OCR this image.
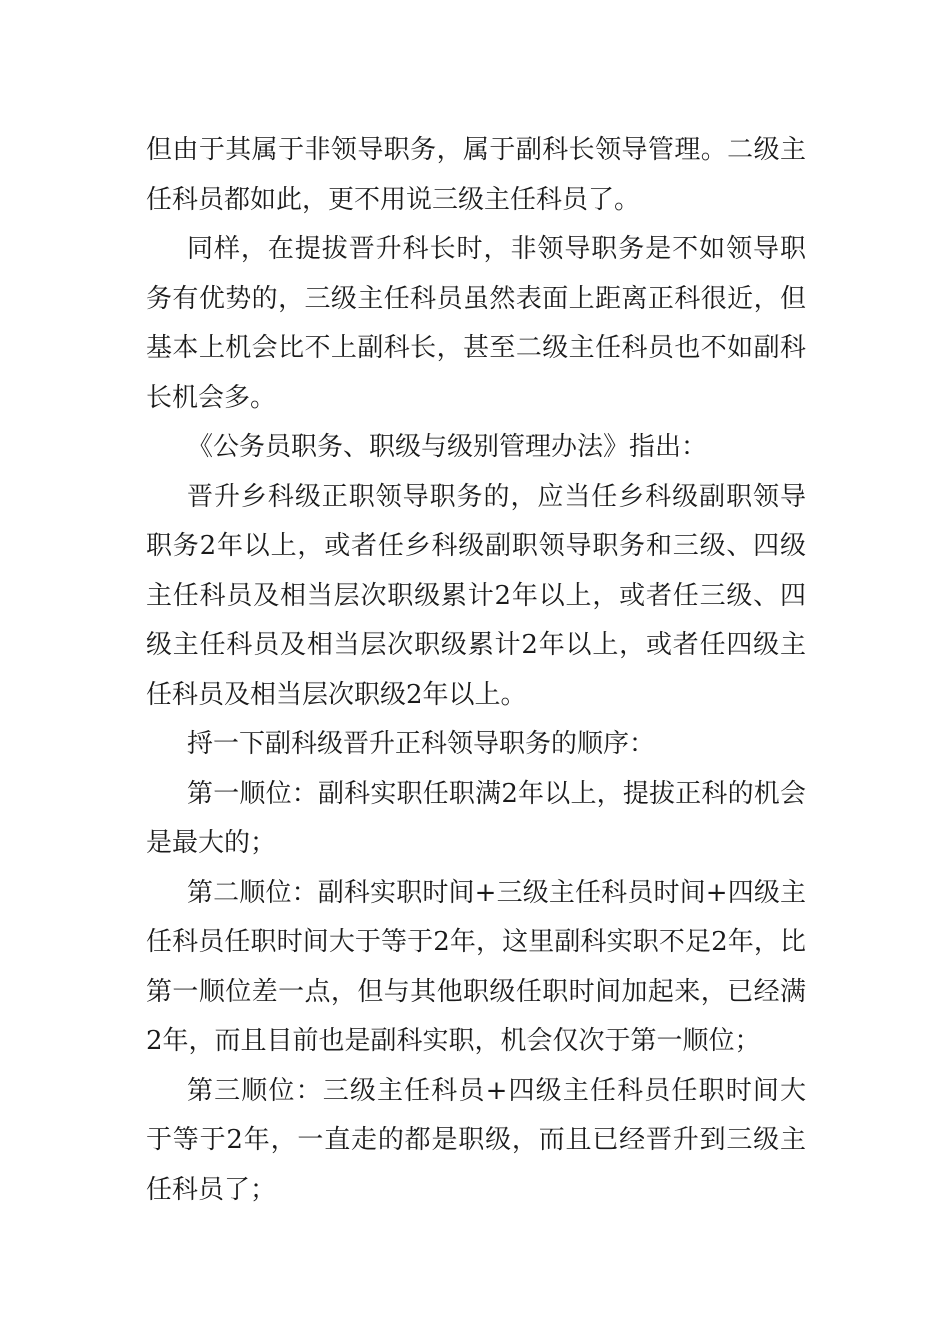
但由于其属于非领导职务，属于副科长领导管理。二级主任科员都如此，更不用说三级主任科员了。

同样，在提拔晋升科长时，非领导职务是不如领导职务有优势的，三级主任科员虽然表面上距离正科很近，但基本上机会比不上副科长，甚至二级主任科员也不如副科长机会多。

《公务员职务、职级与级别管理办法》指出：

晋升乡科级正职领导职务的，应当任乡科级副职领导职务2年以上，或者任乡科级副职领导职务和三级、四级主任科员及相当层次职级累计2年以上，或者任三级、四级主任科员及相当层次职级累计2年以上，或者任四级主任科员及相当层次职级2年以上。

捋一下副科级晋升正科领导职务的顺序：

第一顺位：副科实职任职满2年以上，提拔正科的机会是最大的；

第二顺位：副科实职时间+三级主任科员时间+四级主任科员任职时间大于等于2年，这里副科实职不足2年，比第一顺位差一点，但与其他职级任职时间加起来，已经满2年，而且目前也是副科实职，机会仅次于第一顺位；

第三顺位：三级主任科员+四级主任科员任职时间大于等于2年，一直走的都是职级，而且已经晋升到三级主任科员了；
